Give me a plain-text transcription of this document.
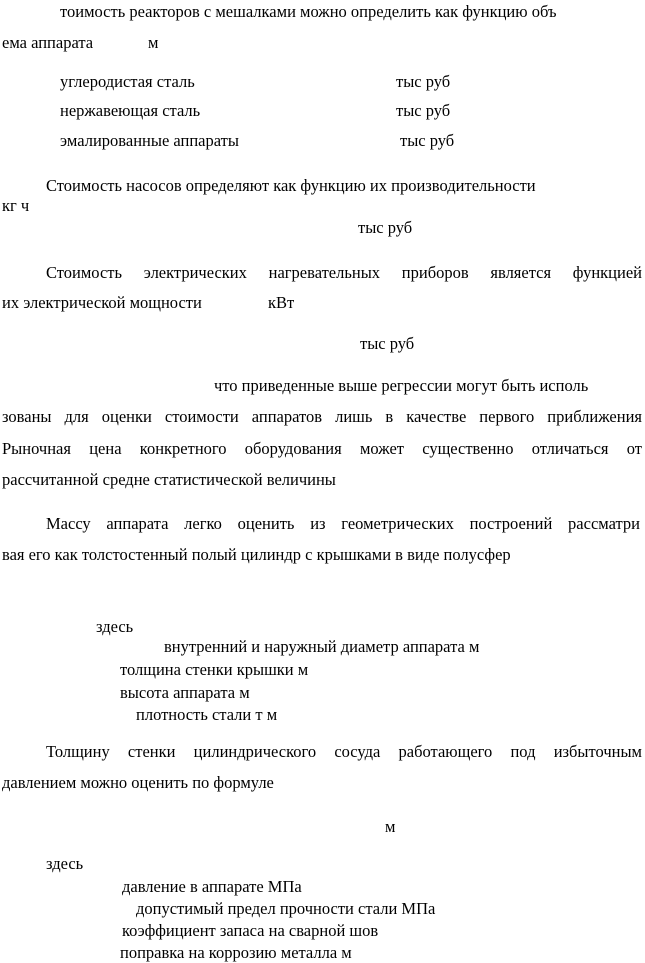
тоимость реакторов с мешалками можно определить как функцию объ
ема аппарата	м
углеродистая сталь	тыс руб
нержавеющая сталь	тыс руб
эмалированные аппараты	тыс руб
Стоимость насосов определяют как функцию их производительности
кг ч
тыс руб
Стоимость электрических нагревательных приборов является функцией
их электрической мощности	кВт
тыс руб
что приведенные выше регрессии могут быть исполь
зованы для оценки стоимости аппаратов лишь в качестве первого приближения
Рыночная цена конкретного оборудования может существенно отличаться от
рассчитанной средне статистической величины
Массу аппарата легко оценить из геометрических построений рассматри
вая его как толстостенный полый цилиндр с крышками в виде полусфер
здесь
внутренний и наружный диаметр аппарата м
толщина стенки крышки м
высота аппарата м
плотность стали т м
Толщину стенки цилиндрического сосуда работающего под избыточным
давлением можно оценить по формуле
м
здесь
давление в аппарате МПа
допустимый предел прочности стали МПа
коэффициент запаса на сварной шов
поправка на коррозию металла м
